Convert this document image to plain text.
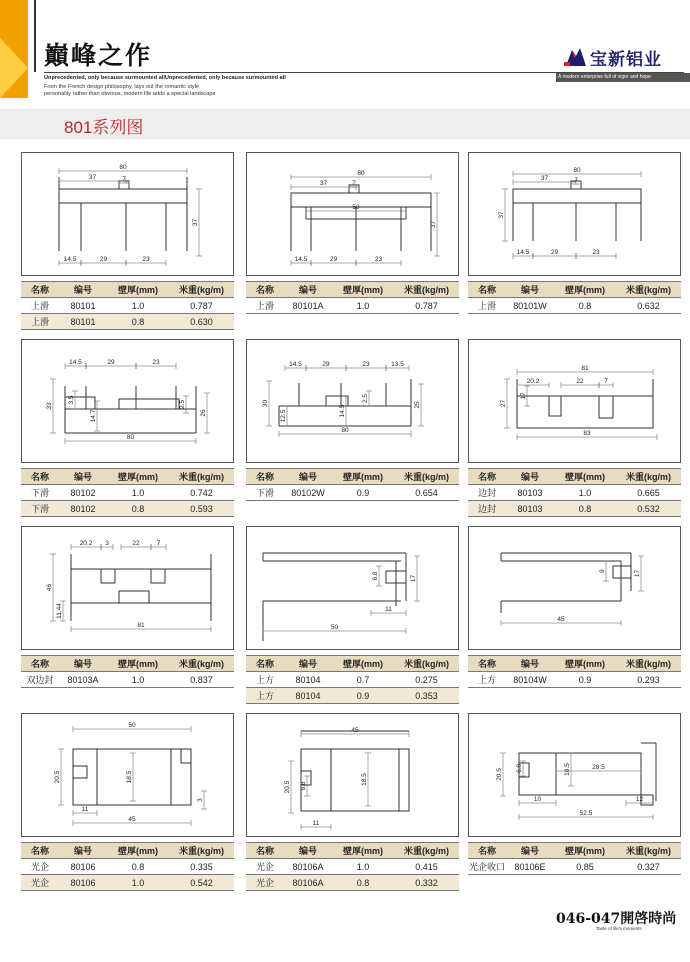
巔峰之作
Unprecedented, only because surmounted allUnprecedented, only because surmounted all
From the French design philosophy, lays out the romantic style
personality rather than obvious, modern life adds a special landscape
宝新铝业
A modern enterprise full of vigor and hope
801系列图
80
37	7
37
14.5	29	23
名称	编号	壁厚(mm)	米重(kg/m)
上滑	80101	1.0	0.787
上滑	80101	0.8	0.630
80
37	7
50
37
14.5	29	23
名称	编号	壁厚(mm)	米重(kg/m)
上滑	80101A	1.0	0.787
80
37	7
37
14.5	29	23
名称	编号	壁厚(mm)	米重(kg/m)
上滑	80101W	0.8	0.632
14.5	29	23
33
3.5
14.7
2.5
26
80
名称	编号	壁厚(mm)	米重(kg/m)
下滑	80102	1.0	0.742
下滑	80102	0.8	0.593
14.5	29	23	13.5
30
12.5	14.5
2.5
25
80
名称	编号	壁厚(mm)	米重(kg/m)
下滑	80102W	0.9	0.654
81
20.2	22	7
27
17
83
名称	编号	壁厚(mm)	米重(kg/m)
边封	80103	1.0	0.665
边封	80103	0.8	0.532
20.2 3	22	7
46
11.44
81
名称	编号	壁厚(mm)	米重(kg/m)
双边封	80103A	1.0	0.837
6.8	17
11
50
名称	编号	壁厚(mm)	米重(kg/m)
上方	80104	0.7	0.275
上方	80104	0.9	0.353
9	17
45
名称	编号	壁厚(mm)	米重(kg/m)
上方	80104W	0.9	0.293
50
20.5	18.5
3
11
45
名称	编号	壁厚(mm)	米重(kg/m)
光企	80106	0.8	0.335
光企	80106	1.0	0.542
45
20.5 6.8
18.5
11
名称	编号	壁厚(mm)	米重(kg/m)
光企	80106A	1.0	0.415
光企	80106A	0.8	0.332
20.5 6.8	18.5	28.5
10	12
52.5
名称	编号	壁厚(mm)	米重(kg/m)
光企收口	80106E	0.85	0.327
046-047開啓時尚
Taste of life's moments
